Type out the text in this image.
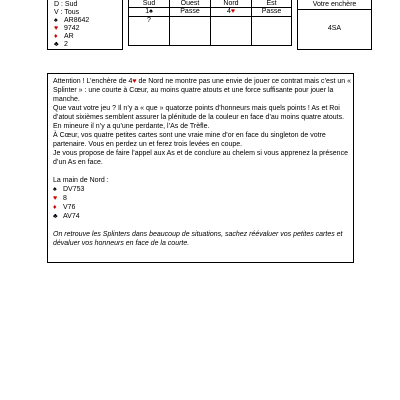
D : Sud
V : Tous
♠ AR8642
♥ 9742
♦ AR
♣ 2
Sud	Ouest	Nord	Est
1♠	Passe	4♥	Passe
?			
Votre enchère
4SA

Attention ! L’enchère de 4♥ de Nord ne montre pas une envie de jouer ce contrat mais c’est un « Splinter » : une courte à Cœur, au moins quatre atouts et une force suffisante pour jouer la manche.

Que vaut votre jeu ? Il n’y a « que » quatorze points d’honneurs mais quels points ! As et Roi d’atout sixièmes semblent assurer la plénitude de la couleur en face d’au moins quatre atouts.

En mineure il n’y a qu’une perdante, l’As de Trèfle.

À Cœur, vos quatre petites cartes sont une vraie mine d’or en face du singleton de votre partenaire. Vous en perdez un et ferez trois levées en coupe.

Je vous propose de faire l’appel aux As et de conclure au chelem si vous apprenez la présence d’un As en face.

La main de Nord :

♠ DV753

♥ 8

♦ V76

♣ AV74

On retrouve les Splinters dans beaucoup de situations, sachez réévaluer vos petites cartes et dévaluer vos honneurs en face de la courte.
